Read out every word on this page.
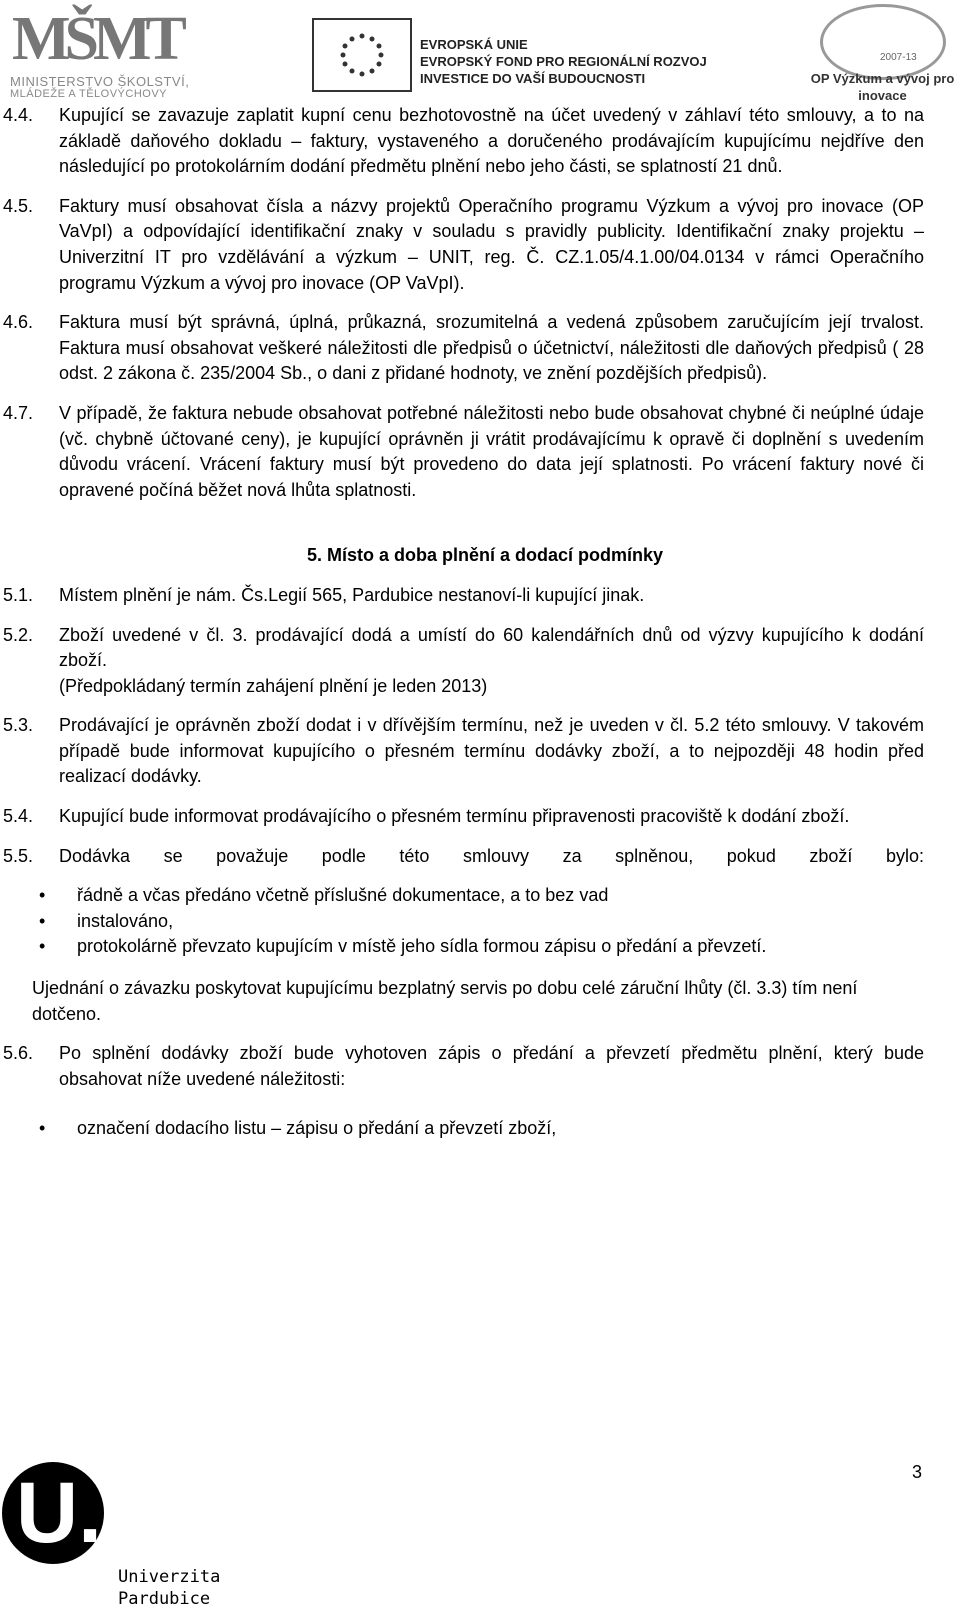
MŠMT
MINISTERSTVO ŠKOLSTVÍ,
MLÁDEŽE A TĚLOVÝCHOVY
EVROPSKÁ UNIE
EVROPSKÝ FOND PRO REGIONÁLNÍ ROZVOJ
INVESTICE DO VAŠÍ BUDOUCNOSTI
2007-13
OP Výzkum a vývoj pro inovace
4.4.	Kupující se zavazuje zaplatit kupní cenu bezhotovostně na účet uvedený v záhlaví této smlouvy, a to na základě daňového dokladu – faktury, vystaveného a doručeného prodávajícím kupujícímu nejdříve den následující po protokolárním dodání předmětu plnění nebo jeho části, se splatností 21 dnů.
4.5.	Faktury musí obsahovat čísla a názvy projektů Operačního programu Výzkum a vývoj pro inovace (OP VaVpI) a odpovídající identifikační znaky v souladu s pravidly publicity. Identifikační znaky projektu – Univerzitní IT pro vzdělávání a výzkum – UNIT, reg. Č. CZ.1.05/4.1.00/04.0134 v rámci Operačního programu Výzkum a vývoj pro inovace (OP VaVpI).
4.6.	Faktura musí být správná, úplná, průkazná, srozumitelná a vedená způsobem zaručujícím její trvalost. Faktura musí obsahovat veškeré náležitosti dle předpisů o účetnictví, náležitosti dle daňových předpisů ( 28 odst. 2 zákona č. 235/2004 Sb., o dani z přidané hodnoty, ve znění pozdějších předpisů).
4.7.	V případě, že faktura nebude obsahovat potřebné náležitosti nebo bude obsahovat chybné či neúplné údaje (vč. chybně účtované ceny), je kupující oprávněn ji vrátit prodávajícímu k opravě či doplnění s uvedením důvodu vrácení. Vrácení faktury musí být provedeno do data její splatnosti. Po vrácení faktury nové či opravené počíná běžet nová lhůta splatnosti.
5. Místo a doba plnění a dodací podmínky
5.1.	Místem plnění je nám. Čs.Legií 565, Pardubice nestanoví-li kupující jinak.
5.2.	Zboží uvedené v čl. 3. prodávající dodá a umístí do 60 kalendářních dnů od výzvy kupujícího k dodání zboží.
(Předpokládaný termín zahájení plnění je leden 2013)
5.3.	Prodávající je oprávněn zboží dodat i v dřívějším termínu, než je uveden v čl. 5.2 této smlouvy. V takovém případě bude informovat kupujícího o přesném termínu dodávky zboží, a to nejpozději 48 hodin před realizací dodávky.
5.4.	Kupující bude informovat prodávajícího o přesném termínu připravenosti pracoviště k dodání zboží.
5.5.	Dodávka se považuje podle této smlouvy za splněnou, pokud zboží bylo:
• řádně a včas předáno včetně příslušné dokumentace, a to bez vad
• instalováno,
• protokolárně převzato kupujícím v místě jeho sídla formou zápisu o předání a převzetí.
Ujednání o závazku poskytovat kupujícímu bezplatný servis po dobu celé záruční lhůty (čl. 3.3) tím není dotčeno.
5.6.	Po splnění dodávky zboží bude vyhotoven zápis o předání a převzetí předmětu plnění, který bude obsahovat níže uvedené náležitosti:
• označení dodacího listu – zápisu o předání a převzetí zboží,
3
U.
Univerzita
Pardubice
